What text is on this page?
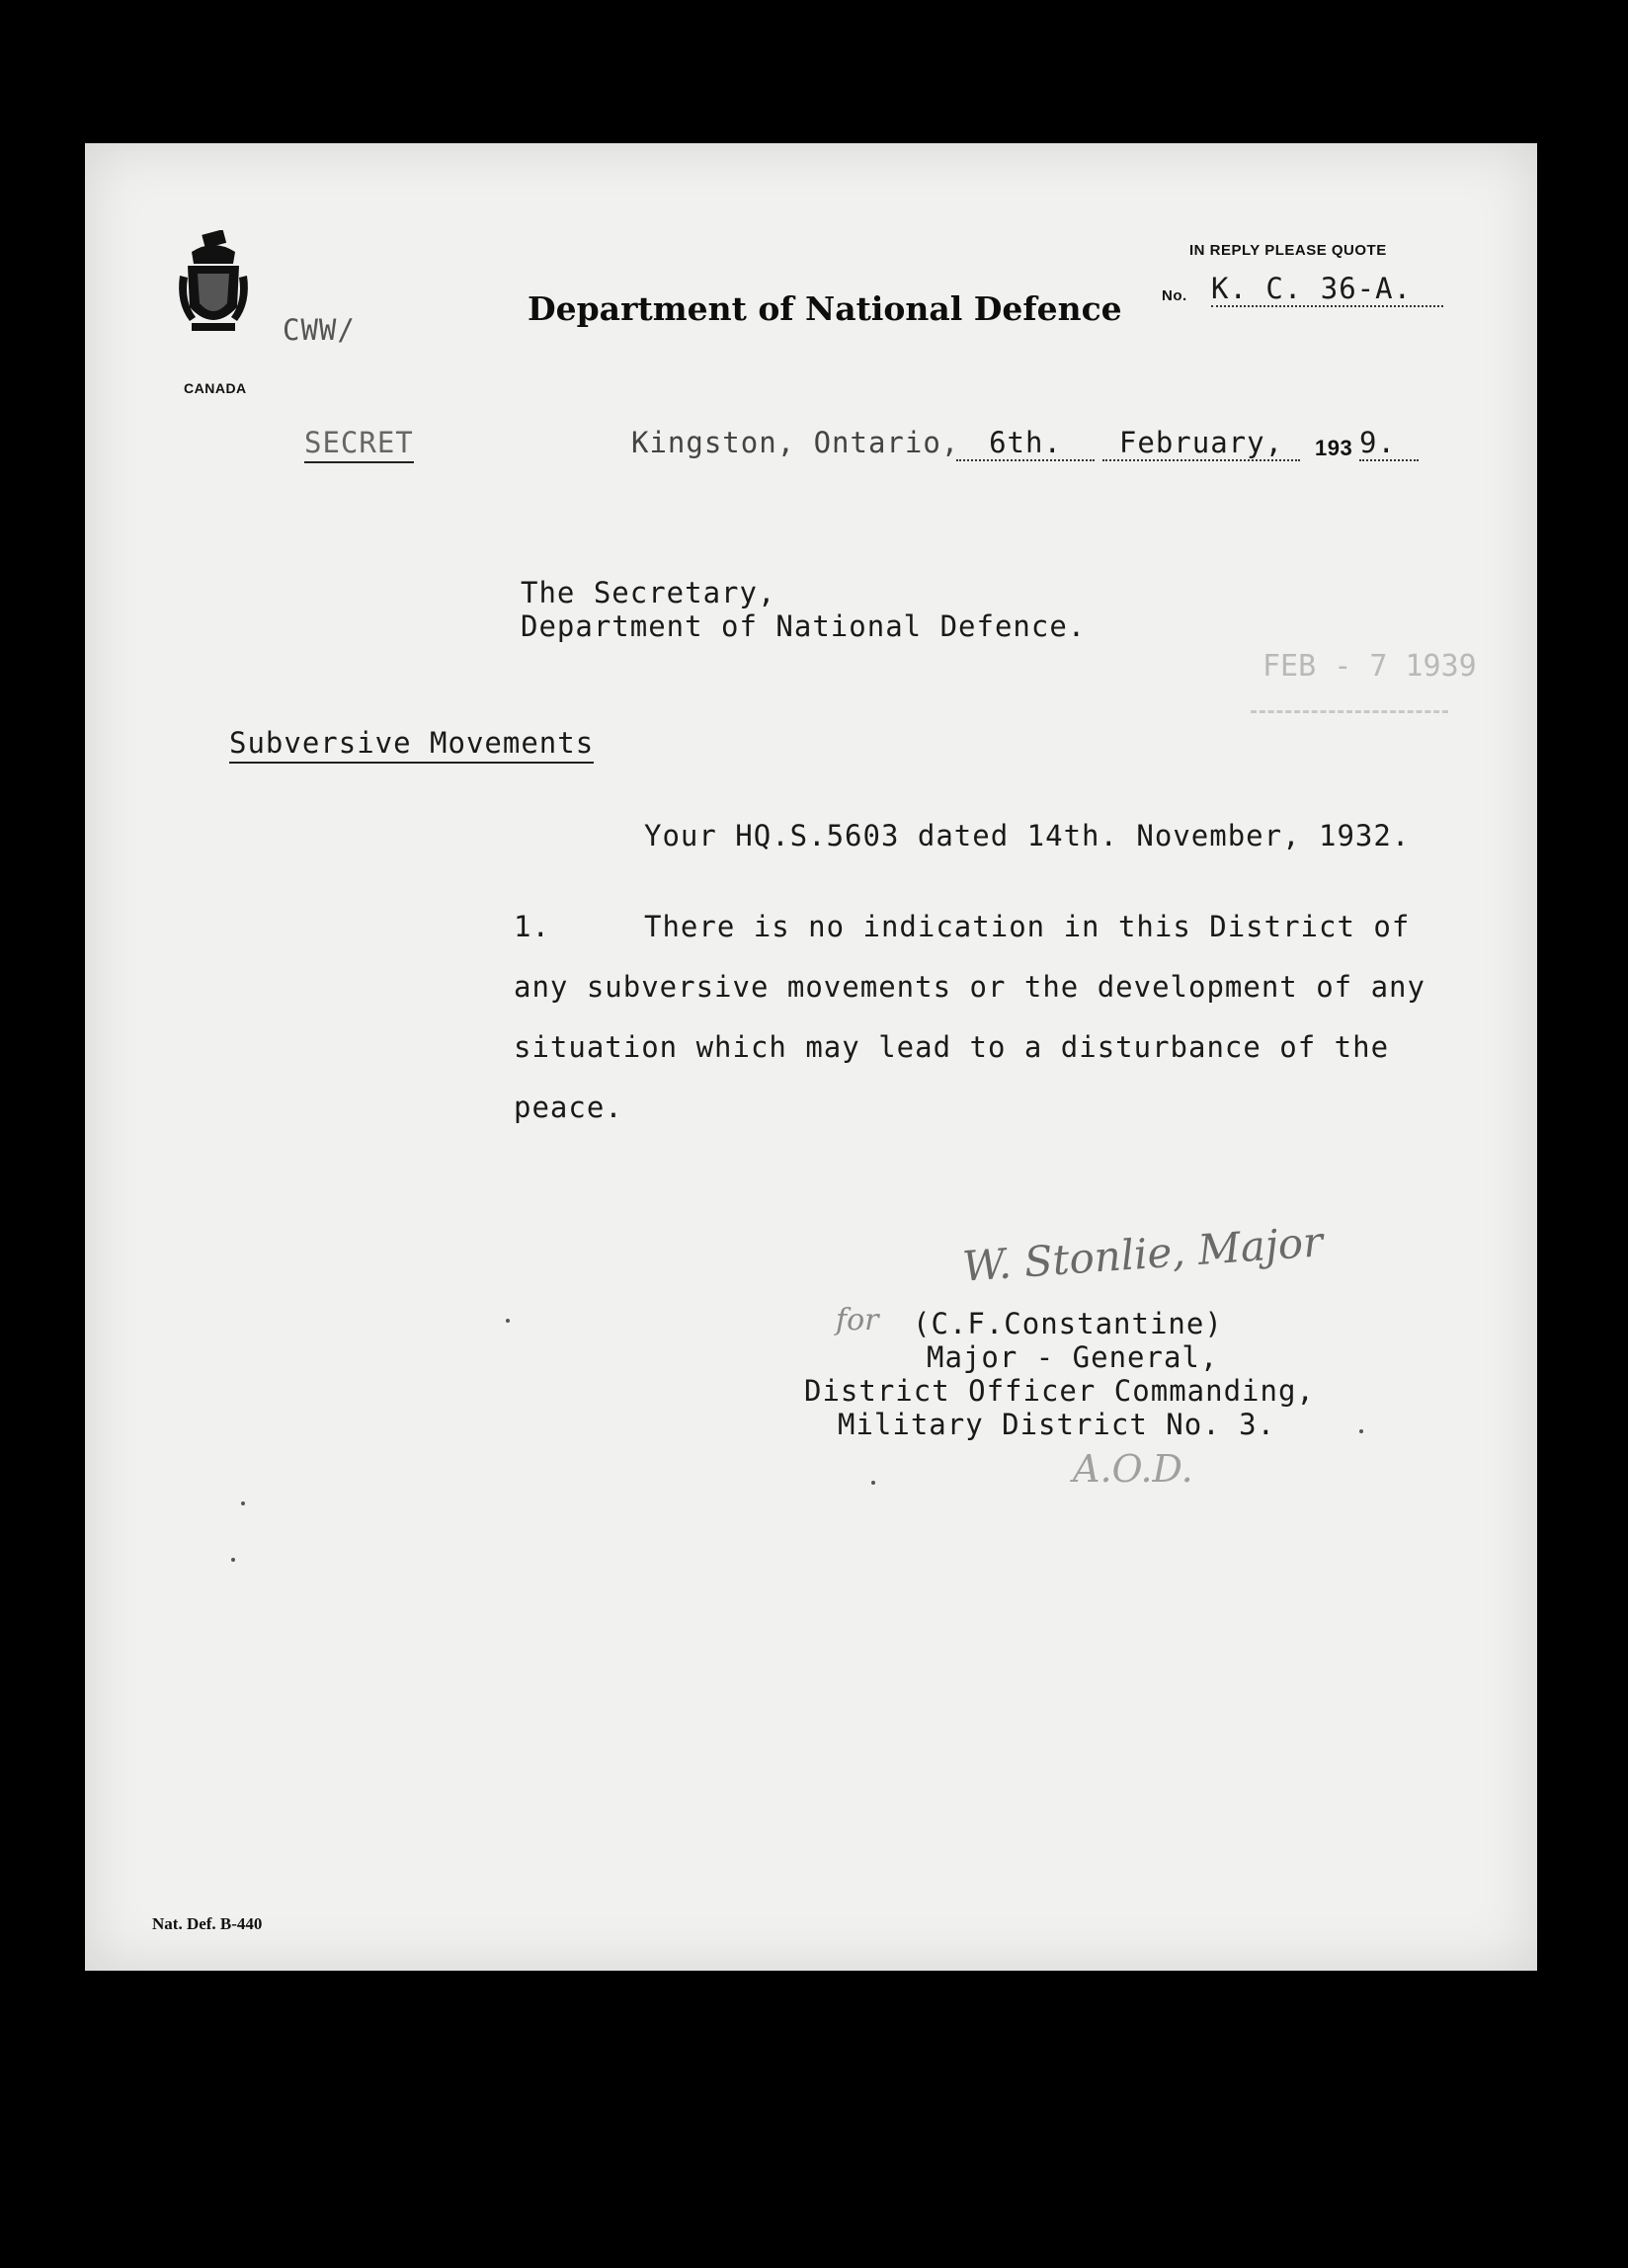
CANADA
CWW/
Department of National Defence
IN REPLY PLEASE QUOTE
No. K. C. 36-A.
SECRET	Kingston, Ontario,	6th.	February,	193 9.
The Secretary,
Department of National Defence.
FEB - 7 1939
Subversive Movements
Your HQ.S.5603 dated 14th. November, 1932.
1.	There is no indication in this District of
any subversive movements or the development of any
situation which may lead to a disturbance of the
peace.
W. Stonlie, Major
for (C.F.Constantine)
Major - General,
District Officer Commanding,
Military District No. 3.
A.O.D.
Nat. Def. B-440
